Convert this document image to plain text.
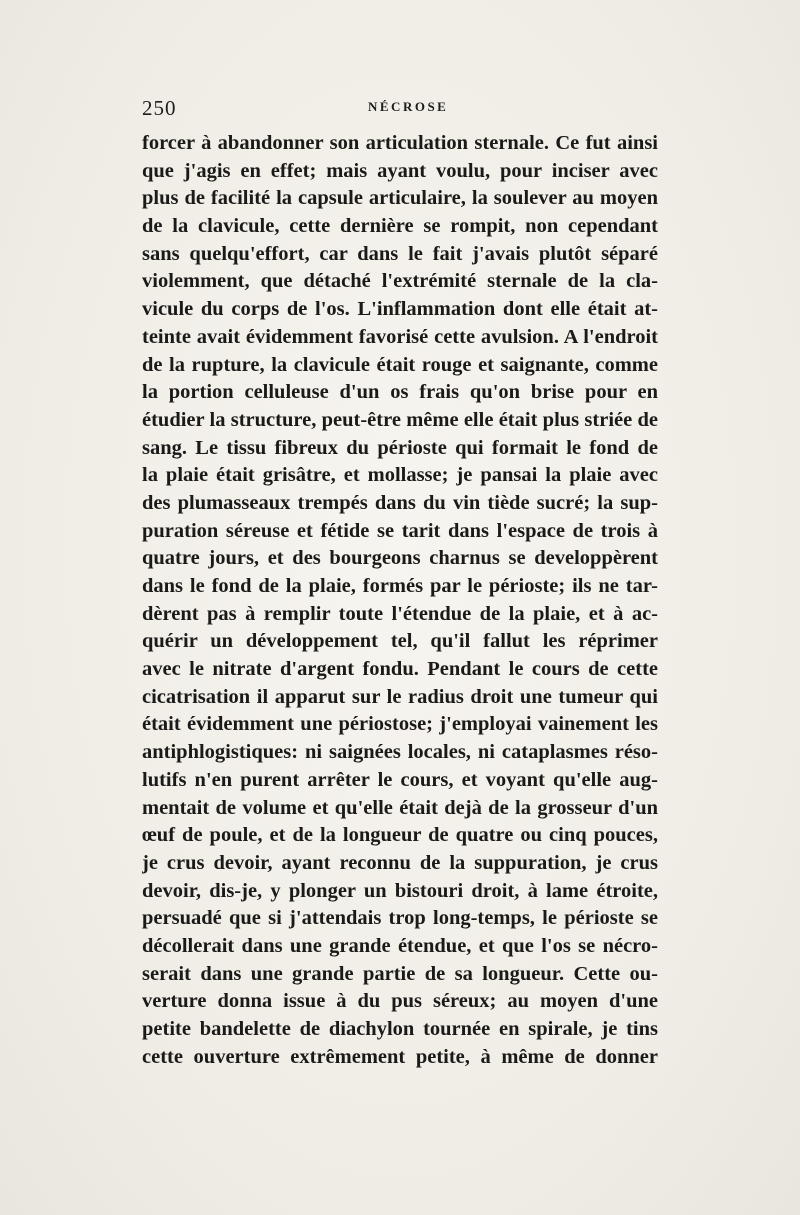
250	NÉCROSE
forcer à abandonner son articulation sternale. Ce fut ainsi
que j'agis en effet; mais ayant voulu, pour inciser avec
plus de facilité la capsule articulaire, la soulever au moyen
de la clavicule, cette dernière se rompit, non cependant
sans quelqu'effort, car dans le fait j'avais plutôt séparé
violemment, que détaché l'extrémité sternale de la cla-
vicule du corps de l'os. L'inflammation dont elle était at-
teinte avait évidemment favorisé cette avulsion. A l'endroit
de la rupture, la clavicule était rouge et saignante, comme
la portion celluleuse d'un os frais qu'on brise pour en
étudier la structure, peut-être même elle était plus striée de
sang. Le tissu fibreux du périoste qui formait le fond de
la plaie était grisâtre, et mollasse; je pansai la plaie avec
des plumasseaux trempés dans du vin tiède sucré; la sup-
puration séreuse et fétide se tarit dans l'espace de trois à
quatre jours, et des bourgeons charnus se developpèrent
dans le fond de la plaie, formés par le périoste; ils ne tar-
dèrent pas à remplir toute l'étendue de la plaie, et à ac-
quérir un développement tel, qu'il fallut les réprimer
avec le nitrate d'argent fondu. Pendant le cours de cette
cicatrisation il apparut sur le radius droit une tumeur qui
était évidemment une périostose; j'employai vainement les
antiphlogistiques: ni saignées locales, ni cataplasmes réso-
lutifs n'en purent arrêter le cours, et voyant qu'elle aug-
mentait de volume et qu'elle était dejà de la grosseur d'un
œuf de poule, et de la longueur de quatre ou cinq pouces,
je crus devoir, ayant reconnu de la suppuration, je crus
devoir, dis-je, y plonger un bistouri droit, à lame étroite,
persuadé que si j'attendais trop long-temps, le périoste se
décollerait dans une grande étendue, et que l'os se nécro-
serait dans une grande partie de sa longueur. Cette ou-
verture donna issue à du pus séreux; au moyen d'une
petite bandelette de diachylon tournée en spirale, je tins
cette ouverture extrêmement petite, à même de donner
